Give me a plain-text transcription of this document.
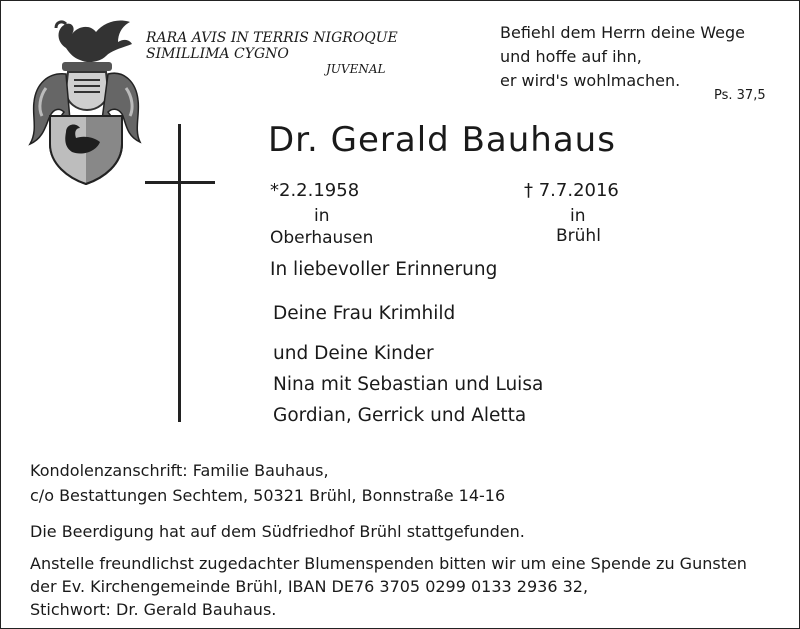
RARA AVIS IN TERRIS NIGROQUE
SIMILLIMA CYGNO
JUVENAL
Befiehl dem Herrn deine Wege
und hoffe auf ihn,
er wird's wohlmachen.
Ps. 37,5
Dr. Gerald Bauhaus
*2.2.1958
in
Oberhausen
† 7.7.2016
in
Brühl
In liebevoller Erinnerung
Deine Frau Krimhild
und Deine Kinder
Nina mit Sebastian und Luisa
Gordian, Gerrick und Aletta
Kondolenzanschrift: Familie Bauhaus,
c/o Bestattungen Sechtem, 50321 Brühl, Bonnstraße 14-16
Die Beerdigung hat auf dem Südfriedhof Brühl stattgefunden.
Anstelle freundlichst zugedachter Blumenspenden bitten wir um eine Spende zu Gunsten
der Ev. Kirchengemeinde Brühl, IBAN DE76 3705 0299 0133 2936 32,
Stichwort: Dr. Gerald Bauhaus.
